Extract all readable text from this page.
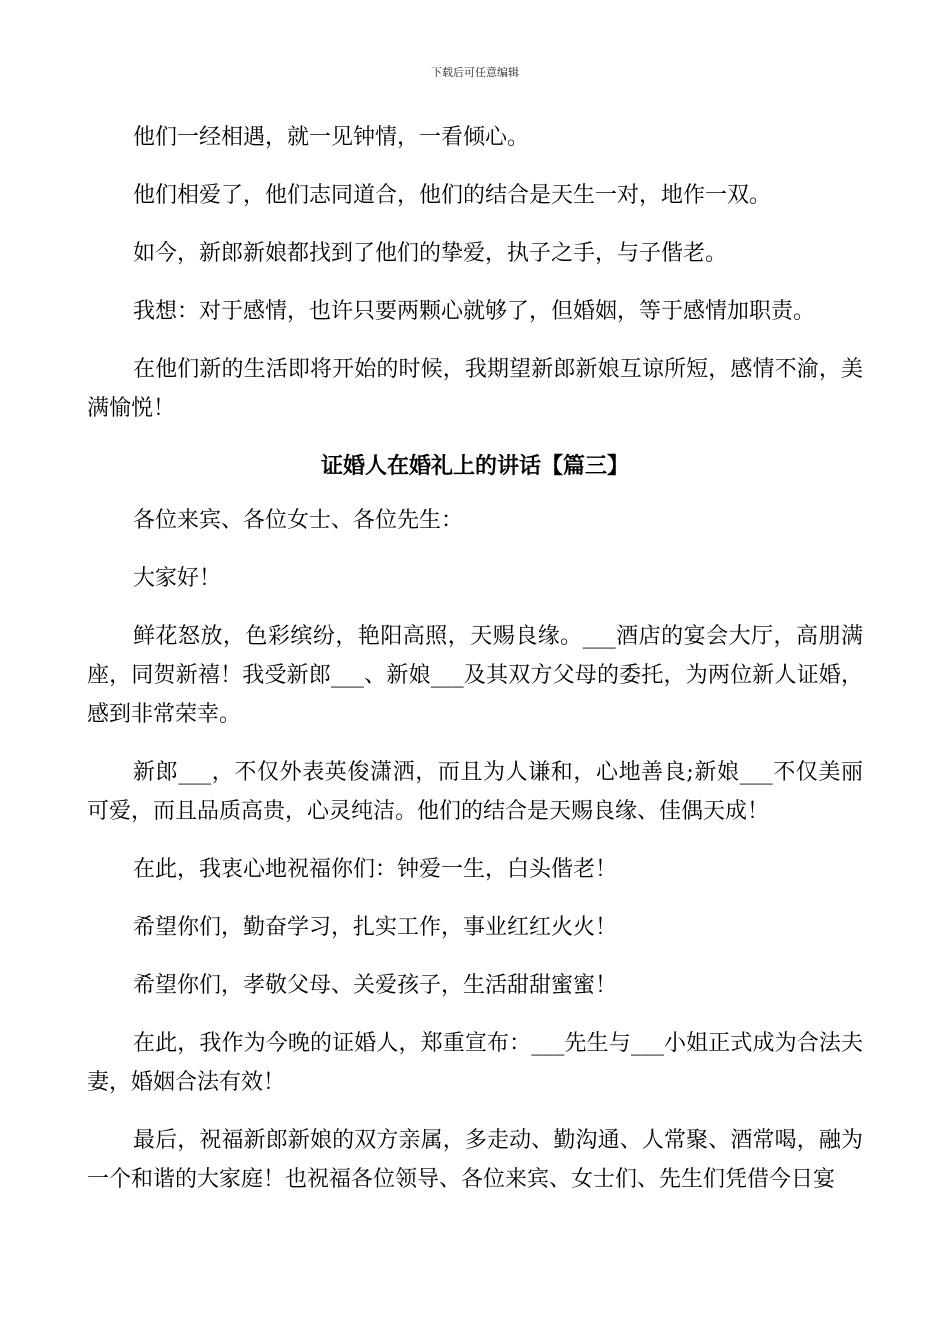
下载后可任意编辑

他们一经相遇，就一见钟情，一看倾心。

他们相爱了，他们志同道合，他们的结合是天生一对，地作一双。

如今，新郎新娘都找到了他们的挚爱，执子之手，与子偕老。

我想：对于感情，也许只要两颗心就够了，但婚姻，等于感情加职责。

在他们新的生活即将开始的时候，我期望新郎新娘互谅所短，感情不渝，美满愉悦！

证婚人在婚礼上的讲话【篇三】

各位来宾、各位女士、各位先生：

大家好！

鲜花怒放，色彩缤纷，艳阳高照，天赐良缘。___酒店的宴会大厅，高朋满座，同贺新禧！我受新郎___、新娘___及其双方父母的委托，为两位新人证婚，感到非常荣幸。

新郎___，不仅外表英俊潇洒，而且为人谦和，心地善良;新娘___不仅美丽可爱，而且品质高贵，心灵纯洁。他们的结合是天赐良缘、佳偶天成！

在此，我衷心地祝福你们：钟爱一生，白头偕老！

希望你们，勤奋学习，扎实工作，事业红红火火！

希望你们，孝敬父母、关爱孩子，生活甜甜蜜蜜！

在此，我作为今晚的证婚人，郑重宣布：___先生与___小姐正式成为合法夫妻，婚姻合法有效！

最后，祝福新郎新娘的双方亲属，多走动、勤沟通、人常聚、酒常喝，融为一个和谐的大家庭！也祝福各位领导、各位来宾、女士们、先生们凭借今日宴
